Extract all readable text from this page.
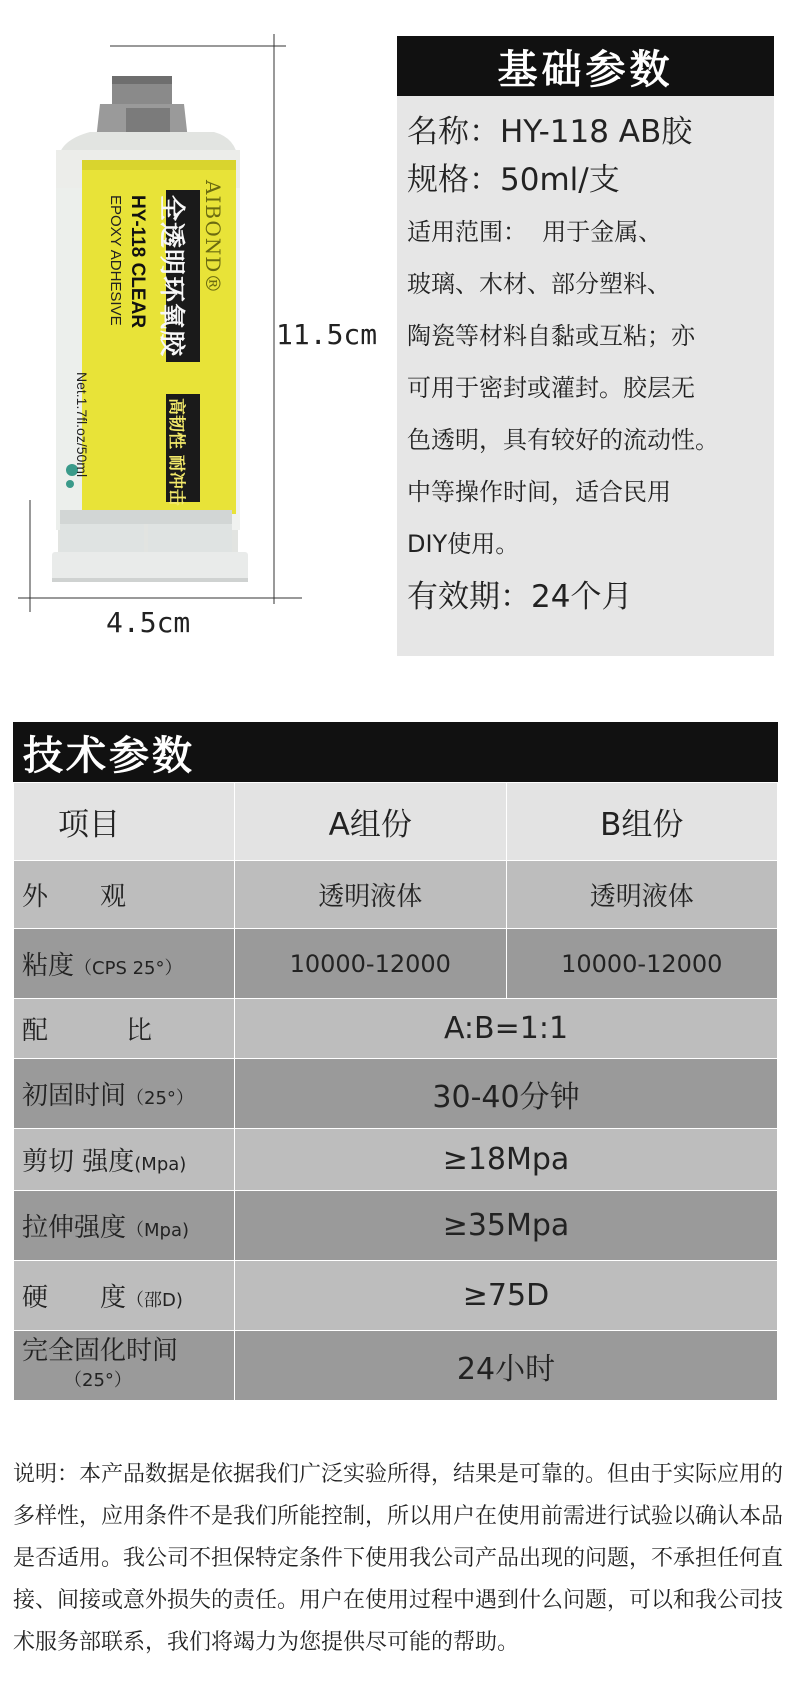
AIBOND®
全透明环氧胶
HY-118 CLEAR
EPOXY ADHESIVE
Net.1.7fl.oz/50ml	高韧性 耐冲击
11.5cm
4.5cm
基础参数
名称：HY-118 AB胶
规格：50ml/支
适用范围：  用于金属、
玻璃、木材、部分塑料、
陶瓷等材料自黏或互粘；亦
可用于密封或灌封。胶层无
色透明，具有较好的流动性。
中等操作时间，适合民用
DIY使用。
有效期：24个月
技术参数
项目	A组份	B组份
外　　观	透明液体	透明液体
粘度（CPS 25°）	10000-12000	10000-12000
配　　　比	A:B=1:1	
初固时间（25°）	30-40分钟	
剪切 强度(Mpa)	≥18Mpa	
拉伸强度（Mpa)	≥35Mpa	
硬　　度（邵D)	≥75D	

完全固化时间
（25°）	24小时	
说明：本产品数据是依据我们广泛实验所得，结果是可靠的。但由于实际应用的多样性，应用条件不是我们所能控制，所以用户在使用前需进行试验以确认本品是否适用。我公司不担保特定条件下使用我公司产品出现的问题，不承担任何直接、间接或意外损失的责任。用户在使用过程中遇到什么问题，可以和我公司技术服务部联系，我们将竭力为您提供尽可能的帮助。
